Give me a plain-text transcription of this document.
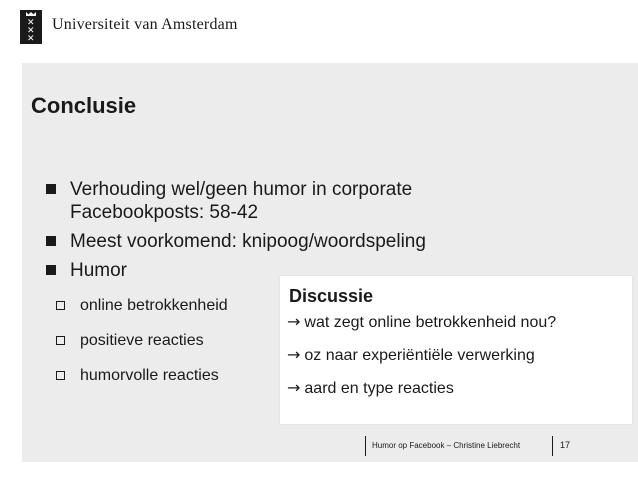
✕
✕
✕
Universiteit van Amsterdam
Conclusie
Verhouding wel/geen humor in corporate Facebookposts: 58-42
Meest voorkomend: knipoog/woordspeling
Humor
online betrokkenheid
positieve reacties
humorvolle reacties
Discussie
→ wat zegt online betrokkenheid nou?
→ oz naar experiëntiële verwerking
→ aard en type reacties
Humor op Facebook – Christine Liebrecht	17
